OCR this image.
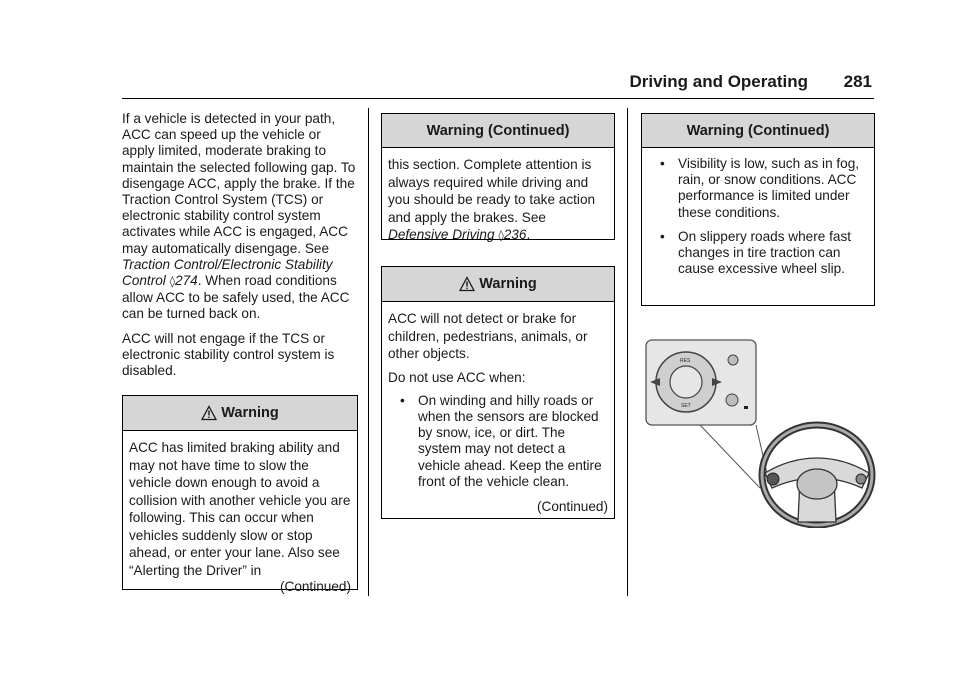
Driving and Operating 281

If a vehicle is detected in your path, ACC can speed up the vehicle or apply limited, moderate braking to maintain the selected following gap. To disengage ACC, apply the brake. If the Traction Control System (TCS) or electronic stability control system activates while ACC is engaged, ACC may automatically disengage. See Traction Control/Electronic Stability Control ◊274. When road conditions allow ACC to be safely used, the ACC can be turned back on.

ACC will not engage if the TCS or electronic stability control system is disabled.

Warning
ACC has limited braking ability and may not have time to slow the vehicle down enough to avoid a collision with another vehicle you are following. This can occur when vehicles suddenly slow or stop ahead, or enter your lane. Also see “Alerting the Driver” in
(Continued)
Warning (Continued)
this section. Complete attention is always required while driving and you should be ready to take action and apply the brakes. See Defensive Driving ◊236.
Warning

ACC will not detect or brake for children, pedestrians, animals, or other objects.

Do not use ACC when:

• On winding and hilly roads or when the sensors are blocked by snow, ice, or dirt. The system may not detect a vehicle ahead. Keep the entire front of the vehicle clean.
(Continued)
Warning (Continued)
• Visibility is low, such as in fog, rain, or snow conditions. ACC performance is limited under these conditions.
• On slippery roads where fast changes in tire traction can cause excessive wheel slip.
RES
SET
